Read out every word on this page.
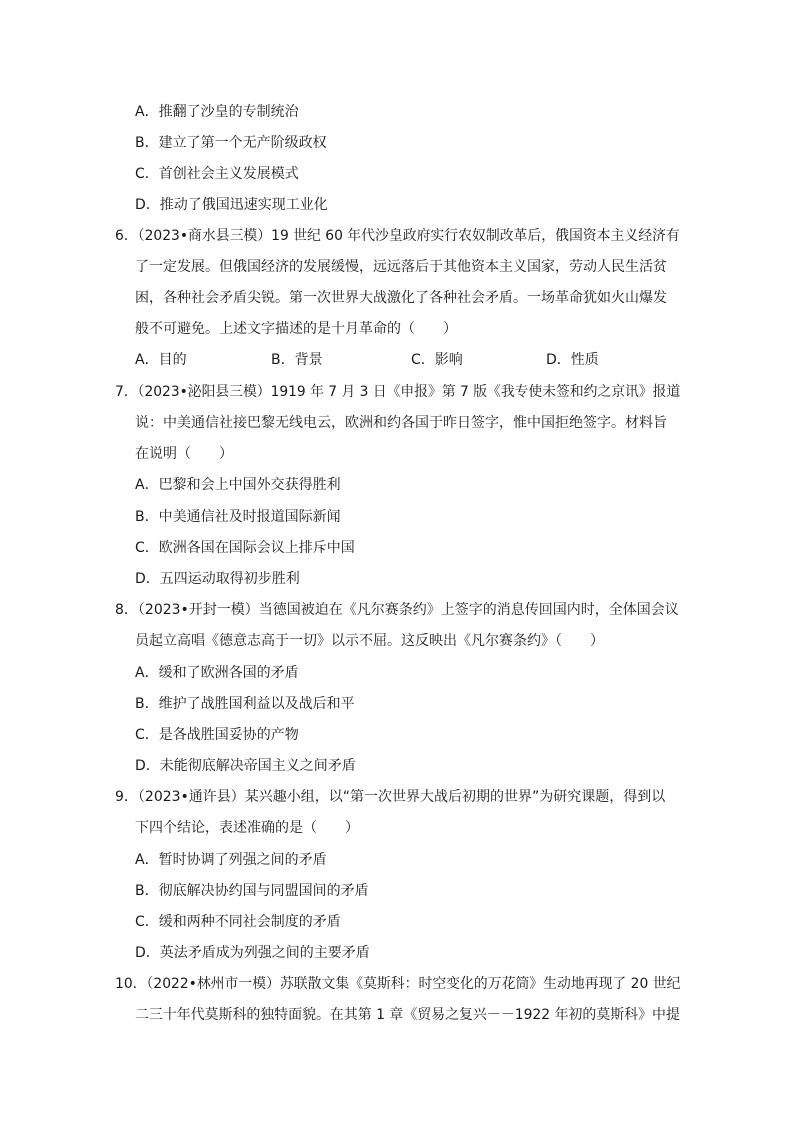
A．推翻了沙皇的专制统治
B．建立了第一个无产阶级政权
C．首创社会主义发展模式
D．推动了俄国迅速实现工业化
6．（2023•商水县三模）19 世纪 60 年代沙皇政府实行农奴制改革后，俄国资本主义经济有
了一定发展。但俄国经济的发展缓慢，远远落后于其他资本主义国家，劳动人民生活贫
困，各种社会矛盾尖锐。第一次世界大战激化了各种社会矛盾。一场革命犹如火山爆发
般不可避免。上述文字描述的是十月革命的（　　）
A．目的	B．背景	C．影响	D．性质
7．（2023•泌阳县三模）1919 年 7 月 3 日《申报》第 7 版《我专使未签和约之京讯》报道
说：中美通信社接巴黎无线电云，欧洲和约各国于昨日签字，惟中国拒绝签字。材料旨
在说明（　　）
A．巴黎和会上中国外交获得胜利
B．中美通信社及时报道国际新闻
C．欧洲各国在国际会议上排斥中国
D．五四运动取得初步胜利
8．（2023•开封一模）当德国被迫在《凡尔赛条约》上签字的消息传回国内时，全体国会议
员起立高唱《德意志高于一切》以示不屈。这反映出《凡尔赛条约》（　　）
A．缓和了欧洲各国的矛盾
B．维护了战胜国利益以及战后和平
C．是各战胜国妥协的产物
D．未能彻底解决帝国主义之间矛盾
9．（2023•通许县）某兴趣小组，以“第一次世界大战后初期的世界”为研究课题，得到以
下四个结论，表述准确的是（　　）
A．暂时协调了列强之间的矛盾
B．彻底解决协约国与同盟国间的矛盾
C．缓和两种不同社会制度的矛盾
D．英法矛盾成为列强之间的主要矛盾
10．（2022•林州市一模）苏联散文集《莫斯科：时空变化的万花筒》生动地再现了 20 世纪
二三十年代莫斯科的独特面貌。在其第 1 章《贸易之复兴－－1922 年初的莫斯科》中提
